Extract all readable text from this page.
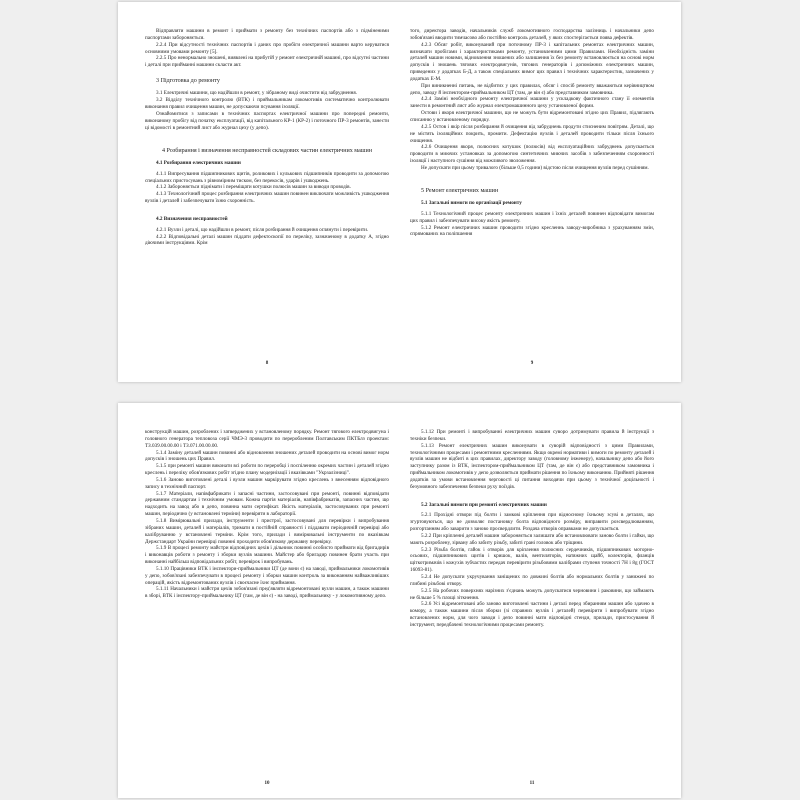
Відправляти машини в ремонт і приймати з ремонту без технічних паспортів або з підміненими паспортами забороняється.

2.2.4 При відсутності технічних паспортів і даних про пробіги електричної машини варто керуватися основними умовами ремонту [5].

2.2.5 Про ненормально зношені, виявлені на прибутій у ремонт електричній машині, про відсутні частини і деталі при прийманні машини скласти акт.

3 Підготовка до ремонту

3.1 Електричні машини, що надійшли в ремонт, у зібраному виді очистити від забруднення.

3.2 Відділу технічного контролю (ВТК) і приймальникам локомотивів систематично контролювати виконання правил очищення машин, не допускаючи псування ізоляції.

Ознайомитися з записами в технічних паспортах електричної машини про попередні ремонти, виконаному пробігу від початку експлуатації, від капітального КР-1 (КР-2) і поточного ПР-3 ремонтів, занести ці відомості в ремонтний лист або журнал цеху (у депо).

4 Розбирання і визначення несправностей складових частин електричних машин
4.1 Розбирання електричних машин

4.1.1 Випресування підшипникових щитів, роликових і кулькових підшипників проводити за допомогою спеціальних пристосувань з рівномірним тиском, без перекосів, ударів і ушкоджень.

4.1.2 Забороняється піднімати і переміщати котушки полюсів машин за виводи проводів.

4.1.3 Технологічний процес розбирання електричних машин повинен виключати можливість ушкодження вузлів і деталей і забезпечувати їхню схоронність.

4.2 Визначення несправностей

4.2.1 Вузли і деталі, що надійшли в ремонт, після розбирання й очищення оглянути і перевірити.

4.2.2 Відповідальні деталі машин піддати дефектоскопії по переліку, зазначеному в додатку А, згідно діючими інструкціями. Крім

8

того, директора заводів, начальників служб локомотивного господарства залізниць і начальники депо зобов'язані вводити тимчасово або постійно контроль деталей, у яких спостерігається поява дефектів.

4.2.3 Обсяг робіт, виконуваний при поточному ПР-3 і капітальних ремонтах електричних машин, визначати пробігами і характеристиками ремонту, установленими цими Правилами. Необхідність заміни деталей машин новими, відновлення зношених або залишення їх без ремонту встановлюється на основі норм допусків і зношень тягових електродвигунів, тягових генераторів і допоміжних електричних машин, приведених у додатках Б-Д, а також спеціальних вимог цих правил і технічних характеристик, зазначених у додатках Е-М.

При виникненні питань, не відбитих у цих правилах, обсяг і спосіб ремонту вважаються керівництвом депо, заводу й інспектором-приймальником ЦТ (там, де він є) або представником замовника.

4.2.4 Заміні необхідного ремонту електричної машини у ускладкову фактичного стану її елементів занести в ремонтний лист або журнал електромашинного цеху установленої форми.

Остови і якоря електричної машини, що не можуть бути відремонтовані згідно цих Правил, підлягають списанню у встановленому порядку.

4.2.5 Остов і якір після розбирання й очищення від забруднень продути стисненим повітрям. Деталі, що не містять ізоляційних покрить, промити. Дефектацію вузлів і деталей проводити тільки після їхнього очищення.

4.2.6 Очищення якоря, полюсних котушок (полюсів) від експлуатаційних забруднень допускається проводити в миючих установках за допомогою синтетичних миючих засобів з забезпеченням схоронності ізоляції і наступного сушіння від можливого зволоження.

Не допускати при цьому тривалого (більше 0,5 години) відстою після очищення вузлів перед сушінням.

5 Ремонт електричних машин
5.1 Загальні вимоги по організації ремонту

5.1.1 Технологічний процес ремонту електричних машин і їхніх деталей повинен відповідати вимогам цих правил і забезпечувати високу якість ремонту.

5.1.2 Ремонт електричних машин проводити згідно кресленнь заводу-виробника з урахуванням змін, спрямованих на поліпшення

9

конструкцій машин, розроблених і затверджених у встановленому порядку. Ремонт тягового електродвигуна і головного генератора тепловоза серії ЧМЭ-3 проводити по переробленим Полтавським ПКТБлз проектам: ТЗ.039.00.00.00 і ТЗ.071.00.00.00.

5.1.4 Заміну деталей машин повинні або відновлення зношених деталей проводити на основі вимог норм допусків і зношень цих Правил.

5.1.5 при ремонті машин виконати всі роботи по переробці і поспіленню окремих частин і деталей згідно креслень і переліку обов'язкових робіт згідно плану модернізації і вказівками "Укрзалізниці".

5.1.6 Заново виготовлені деталі і вузли машин маркірувати згідно креслень з внесенням відповідного запису в технічний паспорт.

5.1.7 Матеріали, напівфабрикати і запасні частини, застосовувані при ремонті, повинні відповідати державним стандартам і технічним умовам. Кожна партія матеріалів, напівфабрикатів, запасних частин, що надходить на завод або в депо, повинна мати сертифікат. Якість матеріалів, застосовуваних при ремонті машин, періодично (у встановлені терміни) перевіряти в лабораторії.

5.1.8 Вимірювальні прилади, інструменти і пристрої, застосовувані для перевірки і випробування зібраних машин, деталей і матеріалів, тримати в постійній справності і піддавати періодичній перевірці або калібруванню у встановлені терміни. Крім того, прилади і вимірювальні інструменти по вказівкам Держстандарт Укрaїни перевірці повинні проходити обов'язкову державну перевірку.

5.1.9 В процесі ремонту майстри відповідних цехів і дільниок повинні особисто приймати від бригадирів і виконавців роботи з ремонту і зборки вузлів машини. Майстер або бригадир повинен брати участь при виконанні найбільш відповідальних робіт, перевірок і випробувань.

5.1.10 Працівники ВТК і інспектори-приймальники ЦТ (де вони є) на заводі, приймальники локомотивів у депо, зобов'язані забезпечувати в процесі ремонту і зборки машин контроль за виконанням найважливіших операцій, якість відремонтованих вузлів і своєчасне їхнє приймання.

5.1.11 Начальники і майстри цехів зобов'язані пред'являти відремонтовані вузли машин, а також машини в зборі, ВТК і інспектору-приймальнику ЦТ (там, де він є) - на заводі, приймальнику - у локомотивному депо.

10

5.1.12 При ремонті і випробуванні електричних машин суворо дотримувати правила й інструкції з техніки безпеки.

5.1.13 Ремонт електричних машин виконувати в суворій відповідності з цими Правилами, технологічними процесами і ремонтними кресленнями. Якщо окремі нормативи і вимоги по ремонту деталей і вузлів машин не відбиті в цих правилах, директору заводу (головному інженеру), начальнику депо або його заступнику разом із ВТК, інспектором-приймальником ЦТ (там, де він є) або представником замовника і приймальником локомотивів у депо дозволяється приймати рішення по їхньому виконанню. Прийняті рішення додатків за умови встановлення черговості ці питання виходячи при цьому з технічної доцільності і безумовного забезпечення безпеки руху поїздів.

5.2 Загальні вимоги при ремонті електричних машин

5.2.1 Прохідні отвори під болти і замкові кріплення при відносному їхньому зсуві в деталях, що згуртовуються, що не дозволяє постановку болта відповідного розміру, виправити розсвердлюванням, розгортанням або заварити з заново просвердлити. Роздача отворів оправками не допускається.

5.2.2 При кріпленні деталей машин забороняється залишати або встановлювати заново болти і гайки, що мають розроблену, зірвану або забиту різьбу, забиті грані головок або тріщини.

5.2.3 Різьба болтів, гайок і отворів для кріплення полюсних сердечників, підшипникових моторно-осьових, підшипникових щитів і кришок, валів, вентиляторів, натяжних щайб, колекторів, фланців щіткотримачів і кожухів зубчастих передач перевірити різьбовими калібрами ступеня точності 7Н і 8g (ГОСТ 16093-81).

5.2.4 Не допускати укручування заніщених по довжині болтів або нормальних болтів у занижені по глибині різьбові отвору.

5.2.5 На робочих поверхнях нарізних з'єднань можуть допускатися черновини і раковини, що займають не більше 5 % площі зіткнення.

5.2.6 Усі відремонтовані або заново виготовлені частини і деталі перед збиранням машин або здачею в комору, а також машини після зборки (зі справних вузлів і деталей) перевірити і випробувати згідно встановлених норм, для чого заводи і депо повинні мати відповідні стенди, прилади, пристосування й інструмент, передбачені технологічними процесами ремонту.

11
